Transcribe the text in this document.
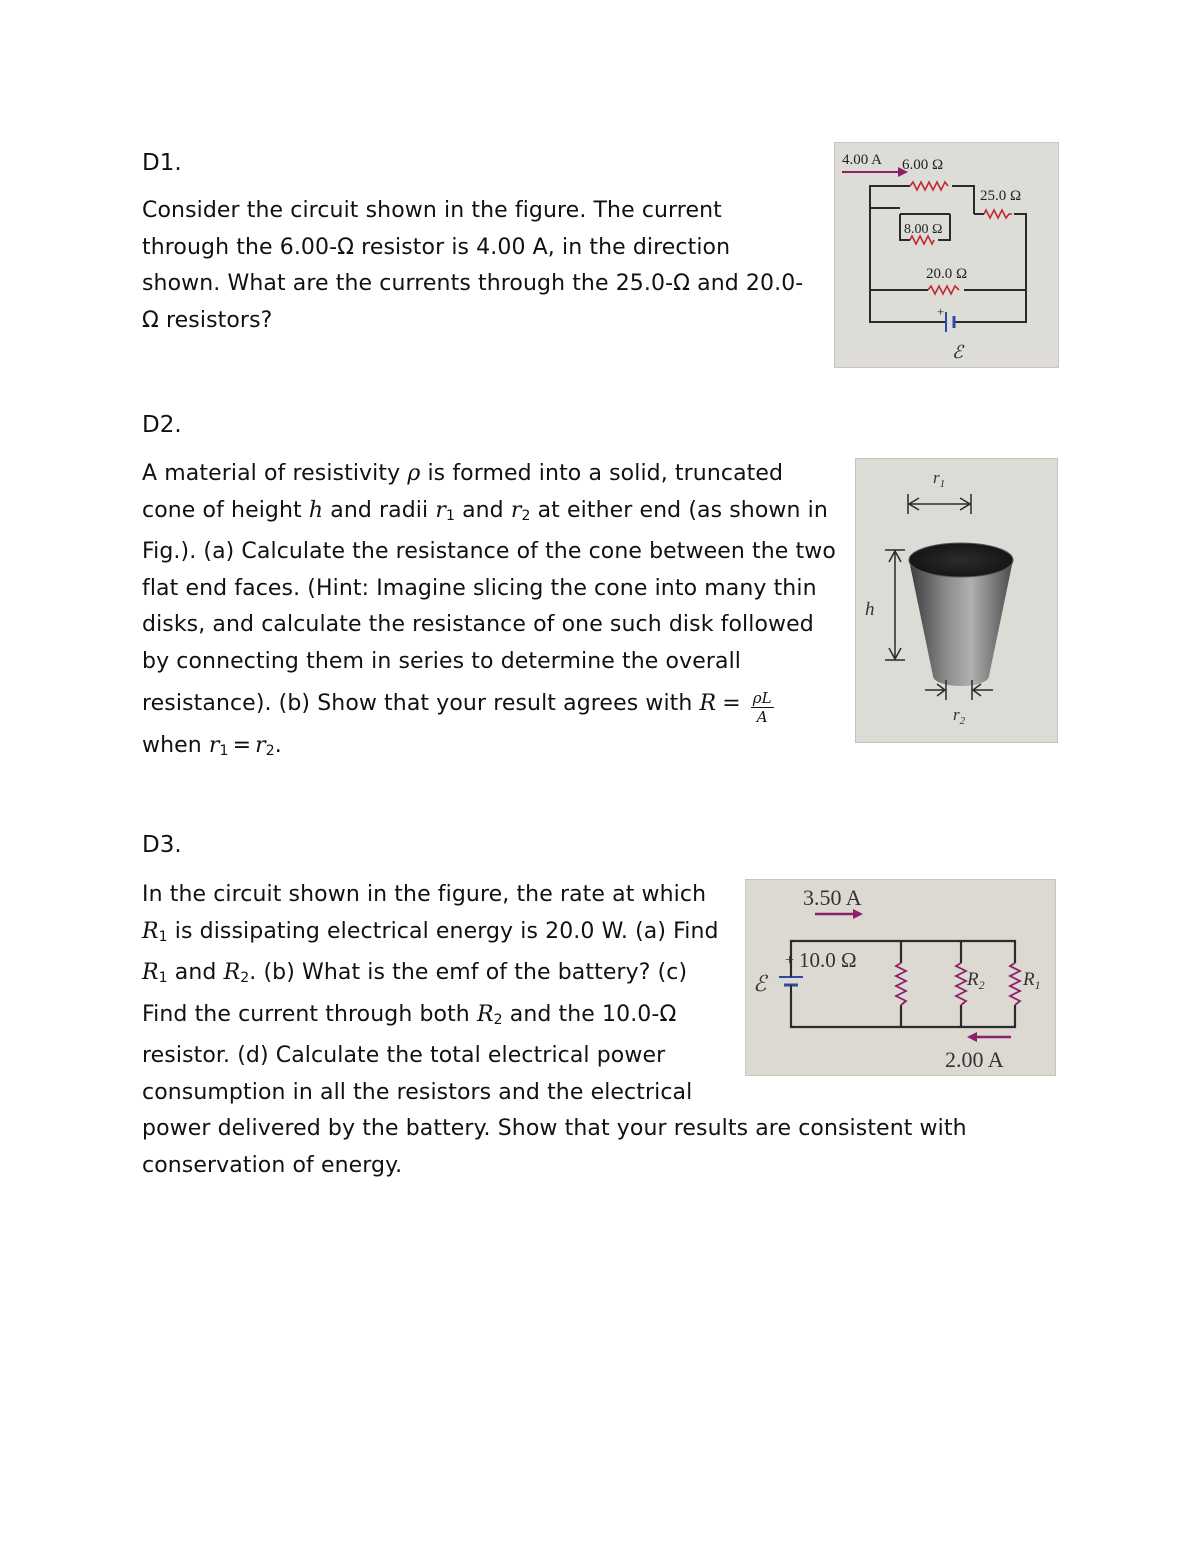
D1.
Consider the circuit shown in the figure. The current
through the 6.00-Ω resistor is 4.00 A, in the direction
shown. What are the currents through the 25.0-Ω and 20.0-
Ω resistors?
4.00 A 6.00 Ω
25.0 Ω
8.00 Ω
20.0 Ω
+
ℰ
D2.
A material of resistivity ρ is formed into a solid, truncated
cone of height h and radii $r_1$ and $r_2$ at either end (as shown in
Fig.). (a) Calculate the resistance of the cone between the two
flat end faces. (Hint: Imagine slicing the cone into many thin
disks, and calculate the resistance of one such disk followed
by connecting them in series to determine the overall
resistance). (b) Show that your result agrees with $R = \frac{\rho L}{A}$
when $r_1 = r_2$.
$r_1$
h
$r_2$
D3.
In the circuit shown in the figure, the rate at which
$R_1$ is dissipating electrical energy is 20.0 W. (a) Find
$R_1$ and $R_2$. (b) What is the emf of the battery? (c)
Find the current through both $R_2$ and the 10.0-Ω
resistor. (d) Calculate the total electrical power
consumption in all the resistors and the electrical
power delivered by the battery. Show that your results are consistent with
conservation of energy.
3.50 A
10.0 Ω
+
ℰ	$R_2$ $R_1$
2.00 A
